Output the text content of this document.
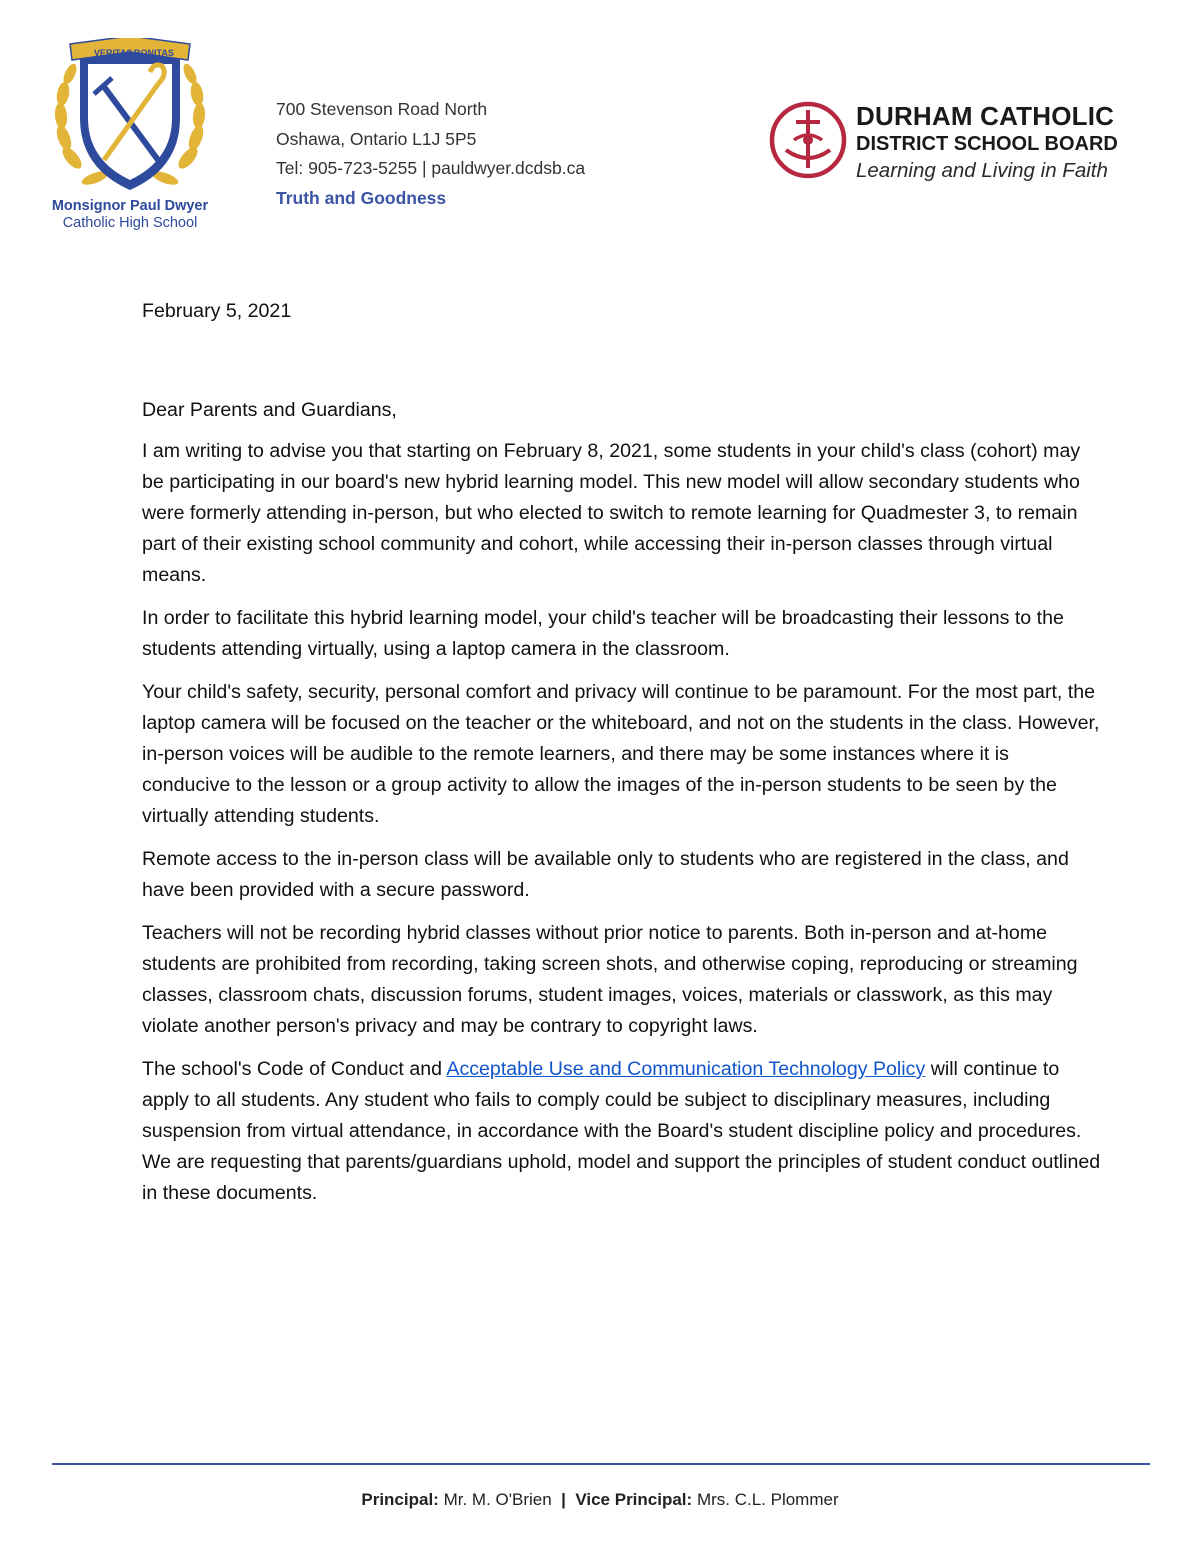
VERITAS BONITAS
Monsignor Paul Dwyer
Catholic High School
700 Stevenson Road North
Oshawa, Ontario L1J 5P5
Tel: 905-723-5255 | pauldwyer.dcdsb.ca
Truth and Goodness
DURHAM CATHOLIC
DISTRICT SCHOOL BOARD
Learning and Living in Faith

February 5, 2021

Dear Parents and Guardians,

I am writing to advise you that starting on February 8, 2021, some students in your child's class (cohort) may be participating in our board's new hybrid learning model. This new model will allow secondary students who were formerly attending in-person, but who elected to switch to remote learning for Quadmester 3, to remain part of their existing school community and cohort, while accessing their in-person classes through virtual means.

In order to facilitate this hybrid learning model, your child's teacher will be broadcasting their lessons to the students attending virtually, using a laptop camera in the classroom.

Your child's safety, security, personal comfort and privacy will continue to be paramount. For the most part, the laptop camera will be focused on the teacher or the whiteboard, and not on the students in the class. However, in-person voices will be audible to the remote learners, and there may be some instances where it is conducive to the lesson or a group activity to allow the images of the in-person students to be seen by the virtually attending students.

Remote access to the in-person class will be available only to students who are registered in the class, and have been provided with a secure password.

Teachers will not be recording hybrid classes without prior notice to parents. Both in-person and at-home students are prohibited from recording, taking screen shots, and otherwise coping, reproducing or streaming classes, classroom chats, discussion forums, student images, voices, materials or classwork, as this may violate another person's privacy and may be contrary to copyright laws.

The school's Code of Conduct and Acceptable Use and Communication Technology Policy will continue to apply to all students. Any student who fails to comply could be subject to disciplinary measures, including suspension from virtual attendance, in accordance with the Board's student discipline policy and procedures. We are requesting that parents/guardians uphold, model and support the principles of student conduct outlined in these documents.

Principal: Mr. M. O'Brien | Vice Principal: Mrs. C.L. Plommer
